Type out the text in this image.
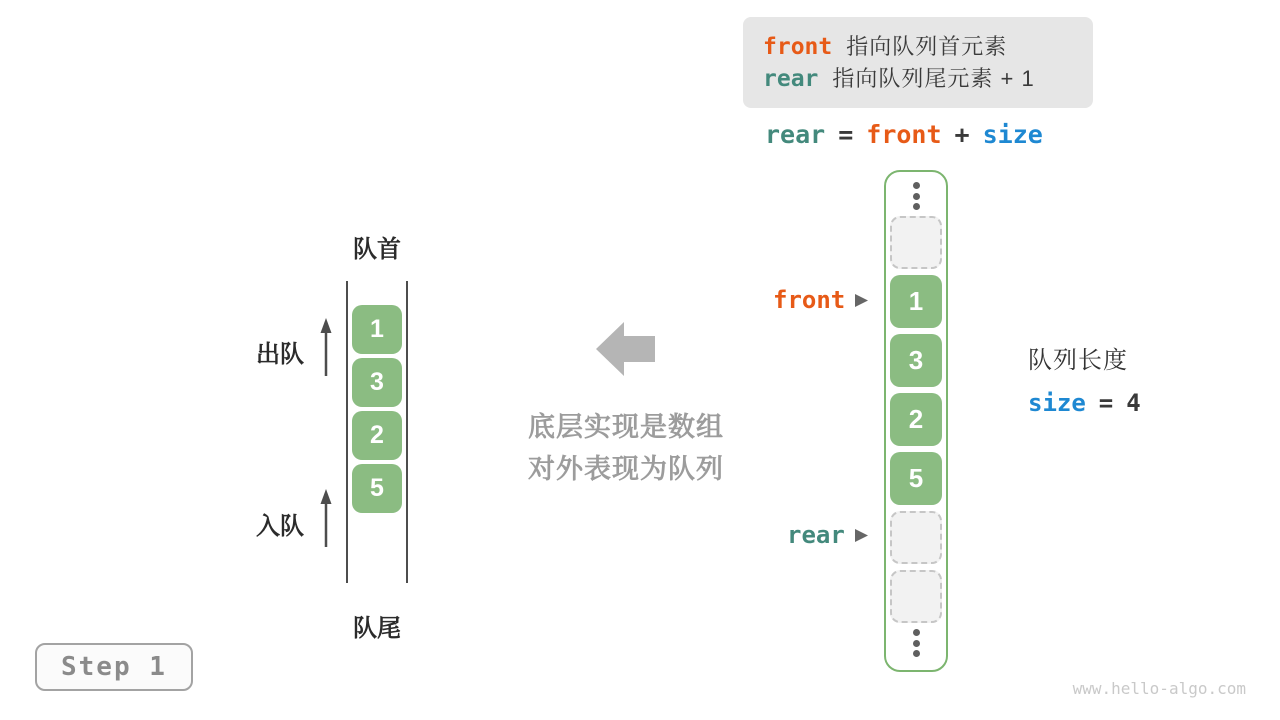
front 指向队列首元素
rear 指向队列尾元素 + 1
rear = front + size
队首
1
3
2
5
出队
入队
队尾
底层实现是数组
对外表现为队列
1
3
2
5
front
rear
队列长度
size = 4
Step 1
www.hello-algo.com
